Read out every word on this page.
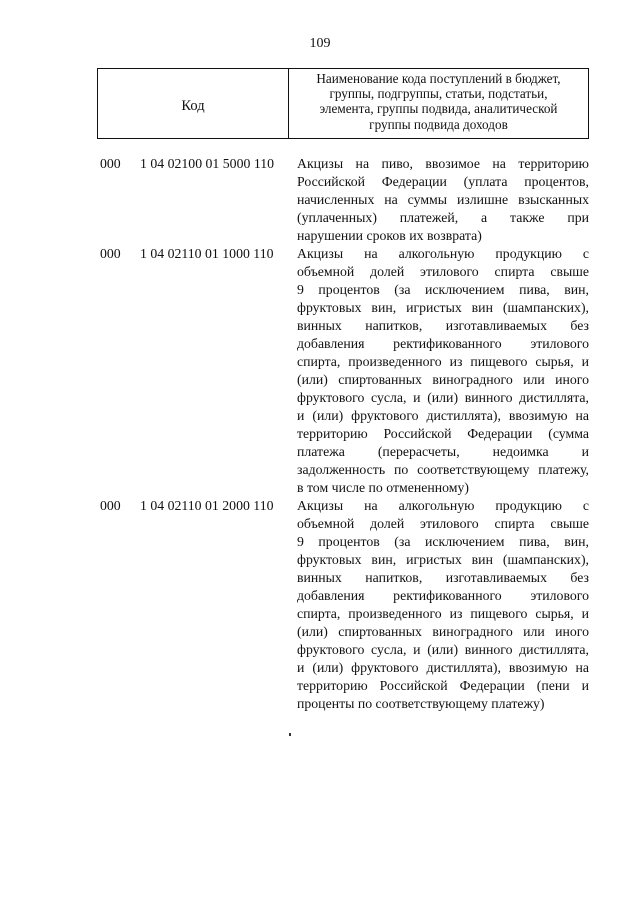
109
Код
Наименование кода поступлений в бюджет,
группы, подгруппы, статьи, подстатьи,
элемента, группы подвида, аналитической
группы подвида доходов
000 1 04 02100 01 5000 110 Акцизы на пиво, ввозимое на территорию
Российской Федерации (уплата процентов,
начисленных на суммы излишне взысканных
(уплаченных) платежей, а также при
нарушении сроков их возврата)
000 1 04 02110 01 1000 110 Акцизы на алкогольную продукцию с
объемной долей этилового спирта свыше
9 процентов (за исключением пива, вин,
фруктовых вин, игристых вин (шампанских),
винных напитков, изготавливаемых без
добавления ректификованного этилового
спирта, произведенного из пищевого сырья, и
(или) спиртованных виноградного или иного
фруктового сусла, и (или) винного дистиллята,
и (или) фруктового дистиллята), ввозимую на
территорию Российской Федерации (сумма
платежа (перерасчеты, недоимка и
задолженность по соответствующему платежу,
в том числе по отмененному)
000 1 04 02110 01 2000 110 Акцизы на алкогольную продукцию с
объемной долей этилового спирта свыше
9 процентов (за исключением пива, вин,
фруктовых вин, игристых вин (шампанских),
винных напитков, изготавливаемых без
добавления ректификованного этилового
спирта, произведенного из пищевого сырья, и
(или) спиртованных виноградного или иного
фруктового сусла, и (или) винного дистиллята,
и (или) фруктового дистиллята), ввозимую на
территорию Российской Федерации (пени и
проценты по соответствующему платежу)
